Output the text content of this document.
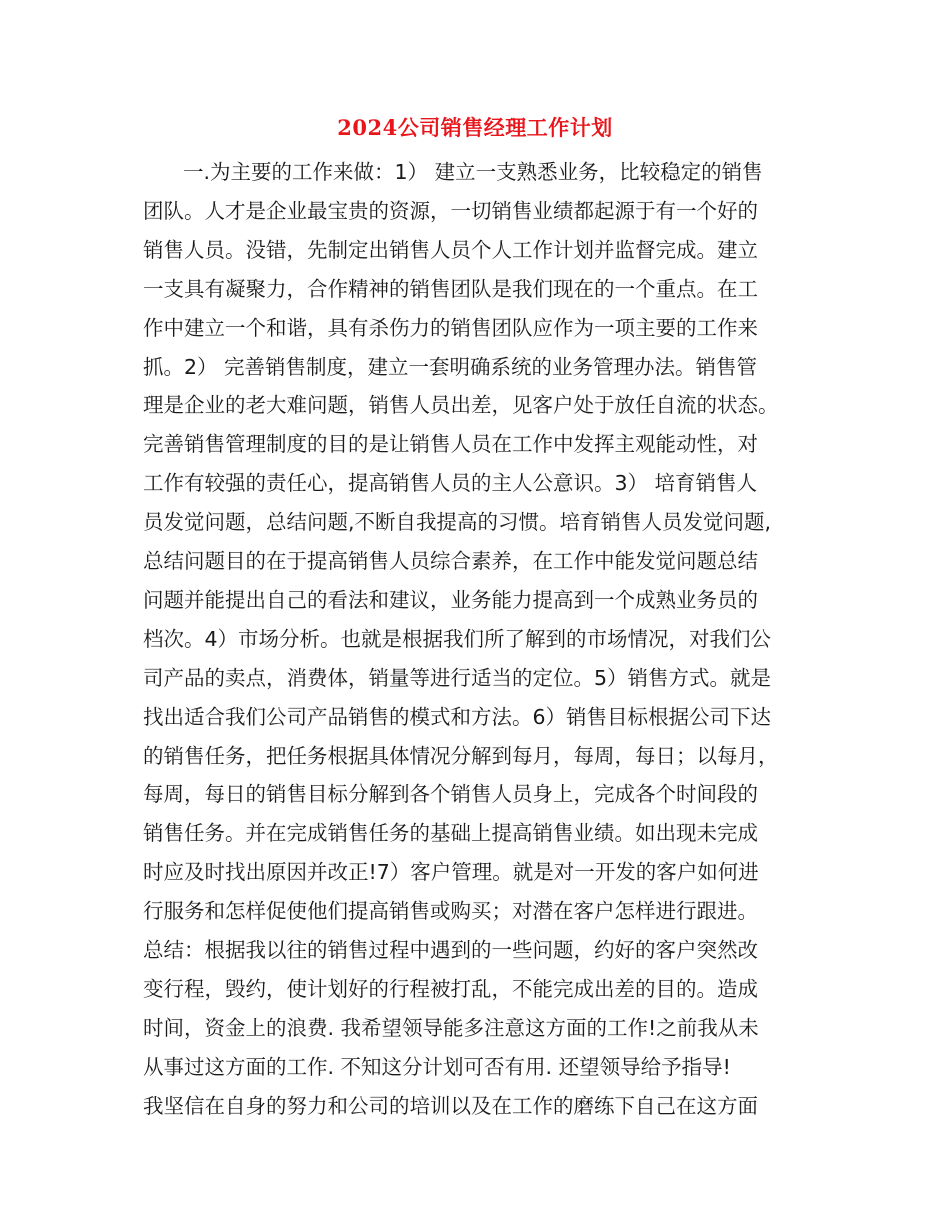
2024公司销售经理工作计划
一.为主要的工作来做：1） 建立一支熟悉业务，比较稳定的销售
团队。人才是企业最宝贵的资源，一切销售业绩都起源于有一个好的
销售人员。没错，先制定出销售人员个人工作计划并监督完成。建立
一支具有凝聚力，合作精神的销售团队是我们现在的一个重点。在工
作中建立一个和谐，具有杀伤力的销售团队应作为一项主要的工作来
抓。2） 完善销售制度，建立一套明确系统的业务管理办法。销售管
理是企业的老大难问题，销售人员出差，见客户处于放任自流的状态。
完善销售管理制度的目的是让销售人员在工作中发挥主观能动性，对
工作有较强的责任心，提高销售人员的主人公意识。3） 培育销售人
员发觉问题，总结问题,不断自我提高的习惯。培育销售人员发觉问题,
总结问题目的在于提高销售人员综合素养，在工作中能发觉问题总结
问题并能提出自己的看法和建议，业务能力提高到一个成熟业务员的
档次。4）市场分析。也就是根据我们所了解到的市场情况，对我们公
司产品的卖点，消费体，销量等进行适当的定位。5）销售方式。就是
找出适合我们公司产品销售的模式和方法。6）销售目标根据公司下达
的销售任务，把任务根据具体情况分解到每月，每周，每日；以每月，
每周，每日的销售目标分解到各个销售人员身上，完成各个时间段的
销售任务。并在完成销售任务的基础上提高销售业绩。如出现未完成
时应及时找出原因并改正!7）客户管理。就是对一开发的客户如何进
行服务和怎样促使他们提高销售或购买；对潜在客户怎样进行跟进。
总结：根据我以往的销售过程中遇到的一些问题，约好的客户突然改
变行程，毁约，使计划好的行程被打乱，不能完成出差的目的。造成
时间，资金上的浪费. 我希望领导能多注意这方面的工作!之前我从未
从事过这方面的工作. 不知这分计划可否有用. 还望领导给予指导!
我坚信在自身的努力和公司的培训以及在工作的磨练下自己在这方面
